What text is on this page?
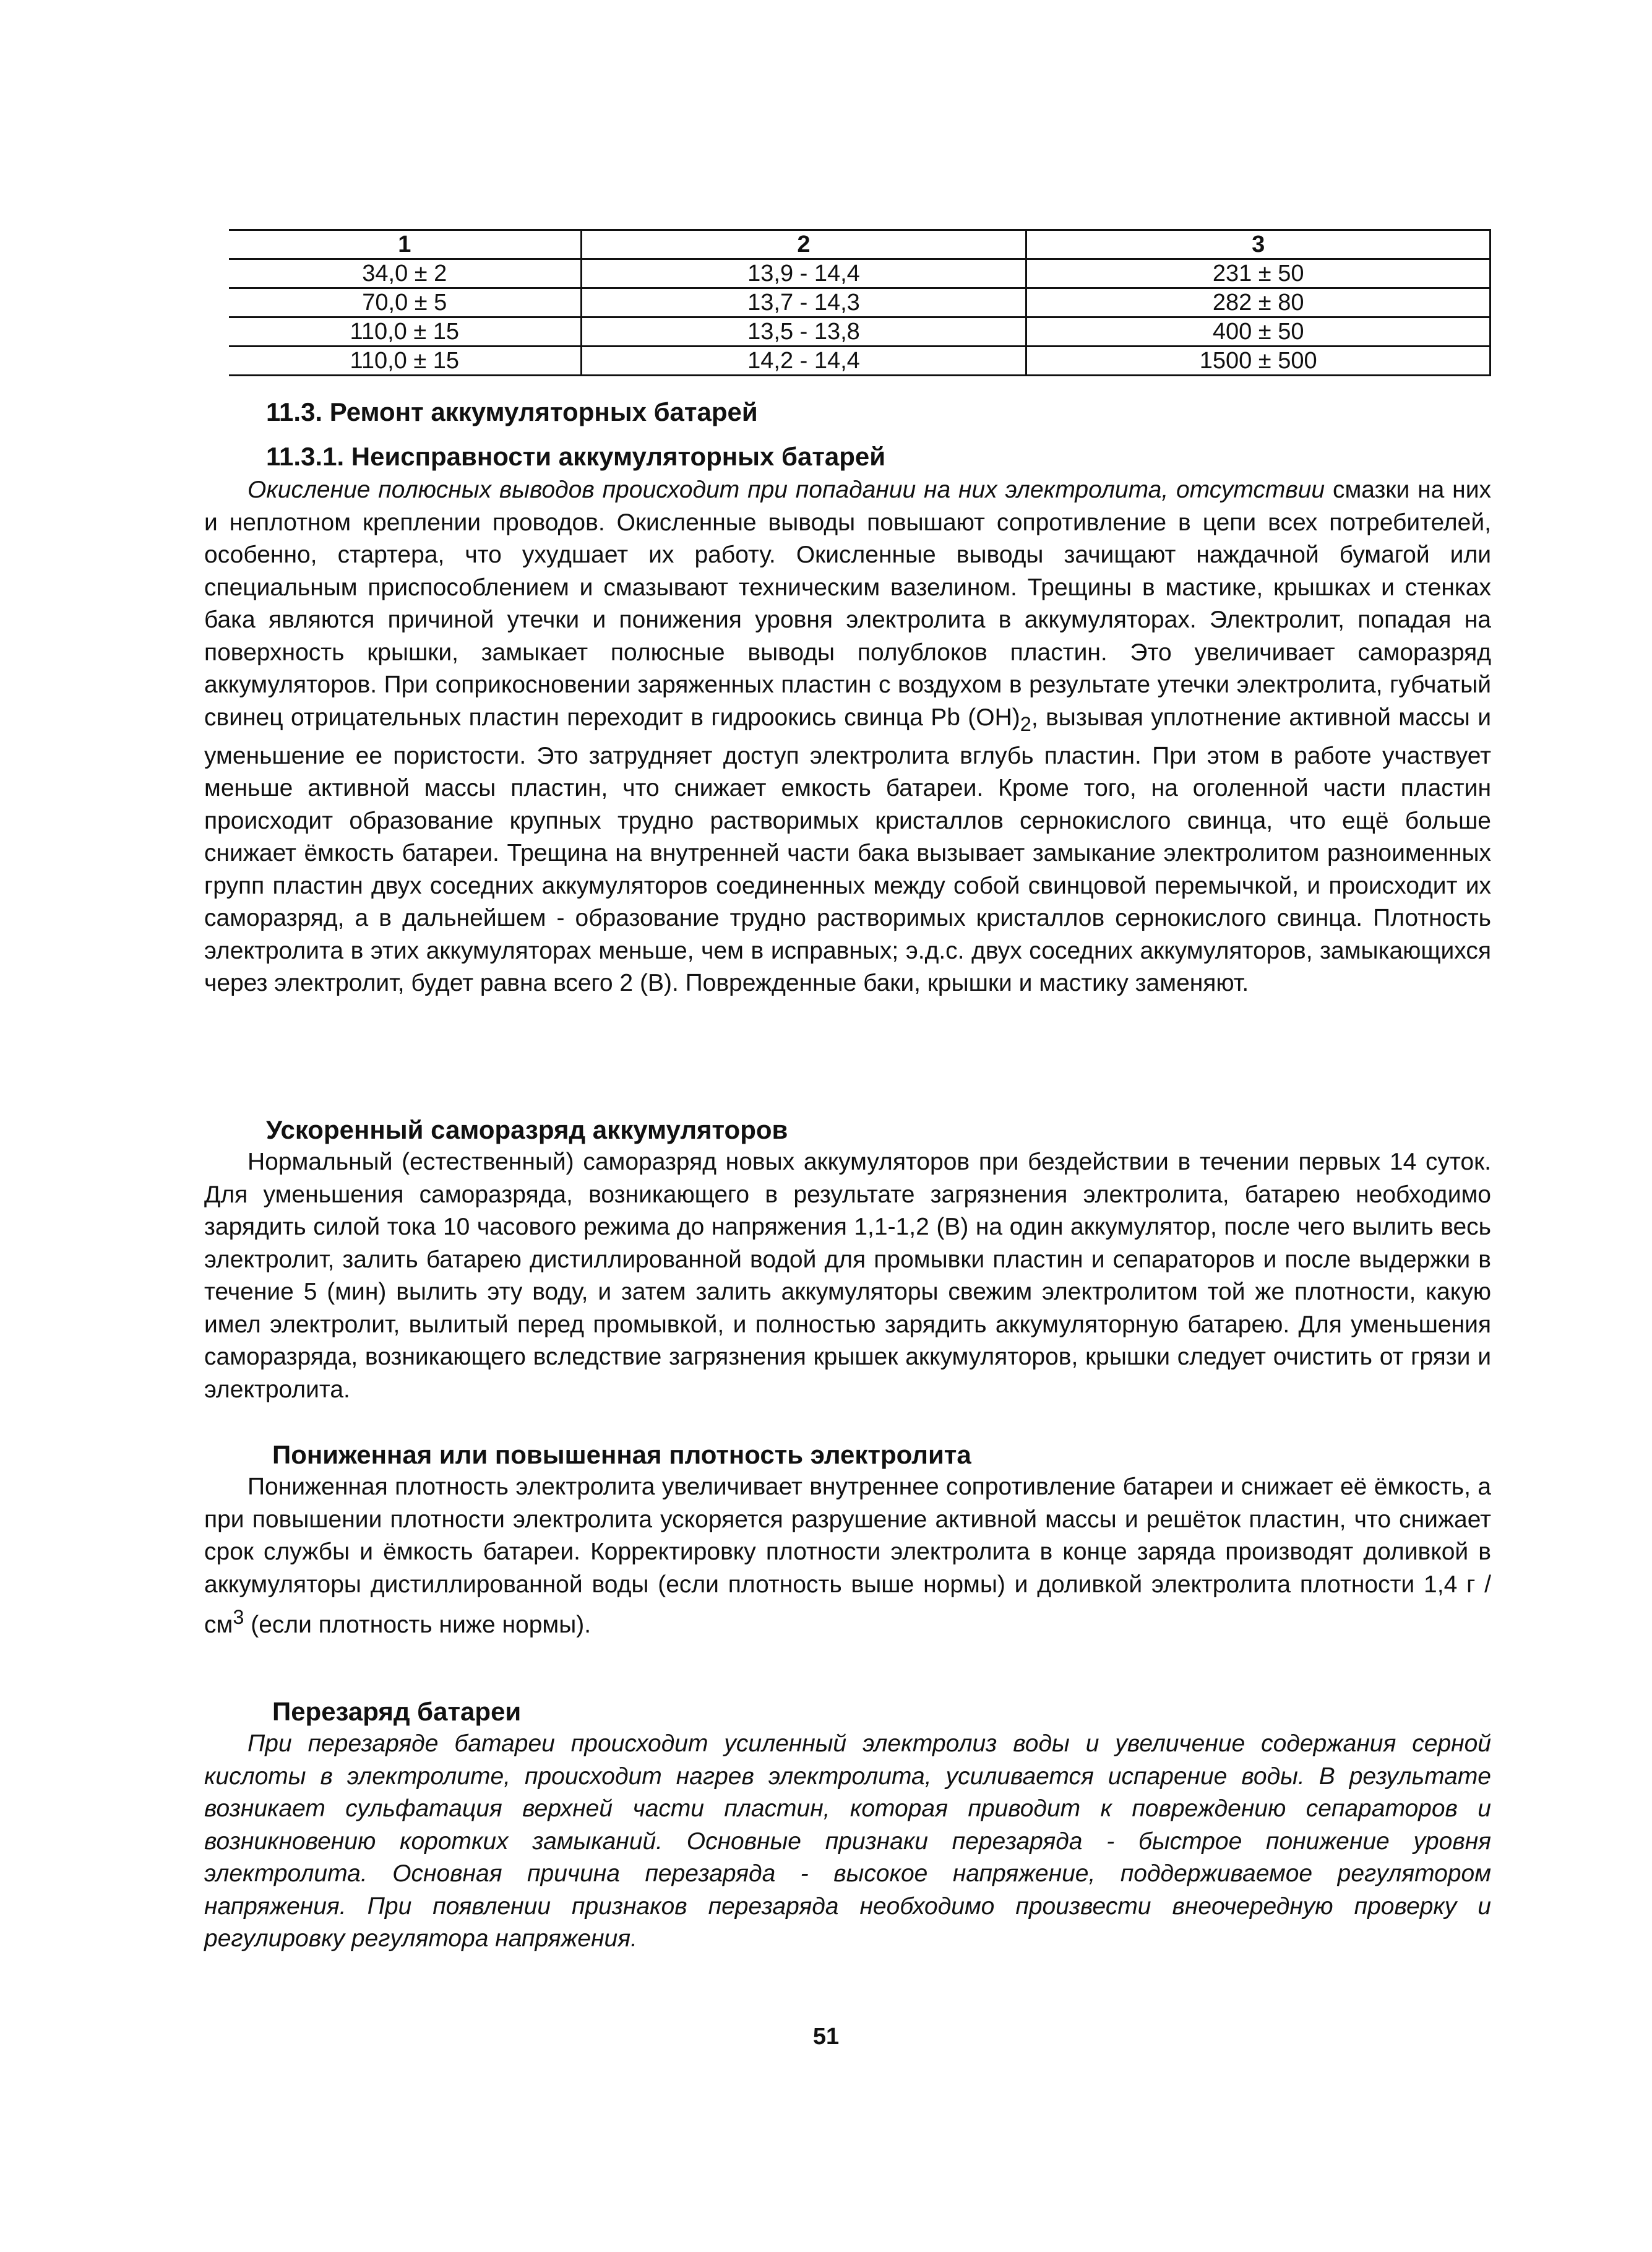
1	2	3
34,0 ± 2	13,9 - 14,4	231 ± 50
70,0 ± 5	13,7 - 14,3	282 ± 80
110,0 ± 15	13,5 - 13,8	400 ± 50
110,0 ± 15	14,2 - 14,4	1500 ± 500
11.3. Ремонт аккумуляторных батарей
11.3.1. Неисправности аккумуляторных батарей

Окисление полюсных выводов происходит при попадании на них электролита, отсутствии смазки на них и неплотном креплении проводов. Окисленные выводы повышают сопротивление в цепи всех потребителей, особенно, стартера, что ухудшает их работу. Окисленные выводы зачищают наждачной бумагой или специальным приспособлением и смазывают техническим вазелином. Трещины в мастике, крышках и стенках бака являются причиной утечки и понижения уровня электролита в аккумуляторах. Электролит, попадая на поверхность крышки, замыкает полюсные выводы полублоков пластин. Это увеличивает саморазряд аккумуляторов. При соприкосновении заряженных пластин с воздухом в результате утечки электролита, губчатый свинец отрицательных пластин переходит в гидроокись свинца Pb $(OH)_2$, вызывая уплотнение активной массы и уменьшение ее пористости. Это затрудняет доступ электролита вглубь пластин. При этом в работе участвует меньше активной массы пластин, что снижает емкость батареи. Кроме того, на оголенной части пластин происходит образование крупных трудно растворимых кристаллов сернокислого свинца, что ещё больше снижает ёмкость батареи. Трещина на внутренней части бака вызывает замыкание электролитом разноименных групп пластин двух соседних аккумуляторов соединенных между собой свинцовой перемычкой, и происходит их саморазряд, а в дальнейшем - образование трудно растворимых кристаллов сернокислого свинца. Плотность электролита в этих аккумуляторах меньше, чем в исправных; э.д.с. двух соседних аккумуляторов, замыкающихся через электролит, будет равна всего 2 (В). Поврежденные баки, крышки и мастику заменяют.

Ускоренный саморазряд аккумуляторов

Нормальный (естественный) саморазряд новых аккумуляторов при бездействии в течении первых 14 суток. Для уменьшения саморазряда, возникающего в результате загрязнения электролита, батарею необходимо зарядить силой тока 10 часового режима до напряжения 1,1-1,2 (В) на один аккумулятор, после чего вылить весь электролит, залить батарею дистиллированной водой для промывки пластин и сепараторов и после выдержки в течение 5 (мин) вылить эту воду, и затем залить аккумуляторы свежим электролитом той же плотности, какую имел электролит, вылитый перед промывкой, и полностью зарядить аккумуляторную батарею. Для уменьшения саморазряда, возникающего вследствие загрязнения крышек аккумуляторов, крышки следует очистить от грязи и электролита.

Пониженная или повышенная плотность электролита

Пониженная плотность электролита увеличивает внутреннее сопротивление батареи и снижает её ёмкость, а при повышении плотности электролита ускоряется разрушение активной массы и решёток пластин, что снижает срок службы и ёмкость батареи. Корректировку плотности электролита в конце заряда производят доливкой в аккумуляторы дистиллированной воды (если плотность выше нормы) и доливкой электролита плотности 1,4 г $/см^3$ (если плотность ниже нормы).

Перезаряд батареи

При перезаряде батареи происходит усиленный электролиз воды и увеличение содержания серной кислоты в электролите, происходит нагрев электролита, усиливается испарение воды. В результате возникает сульфатация верхней части пластин, которая приводит к повреждению сепараторов и возникновению коротких замыканий. Основные признаки перезаряда - быстрое понижение уровня электролита. Основная причина перезаряда - высокое напряжение, поддерживаемое регулятором напряжения. При появлении признаков перезаряда необходимо произвести внеочередную проверку и регулировку регулятора напряжения.

51
